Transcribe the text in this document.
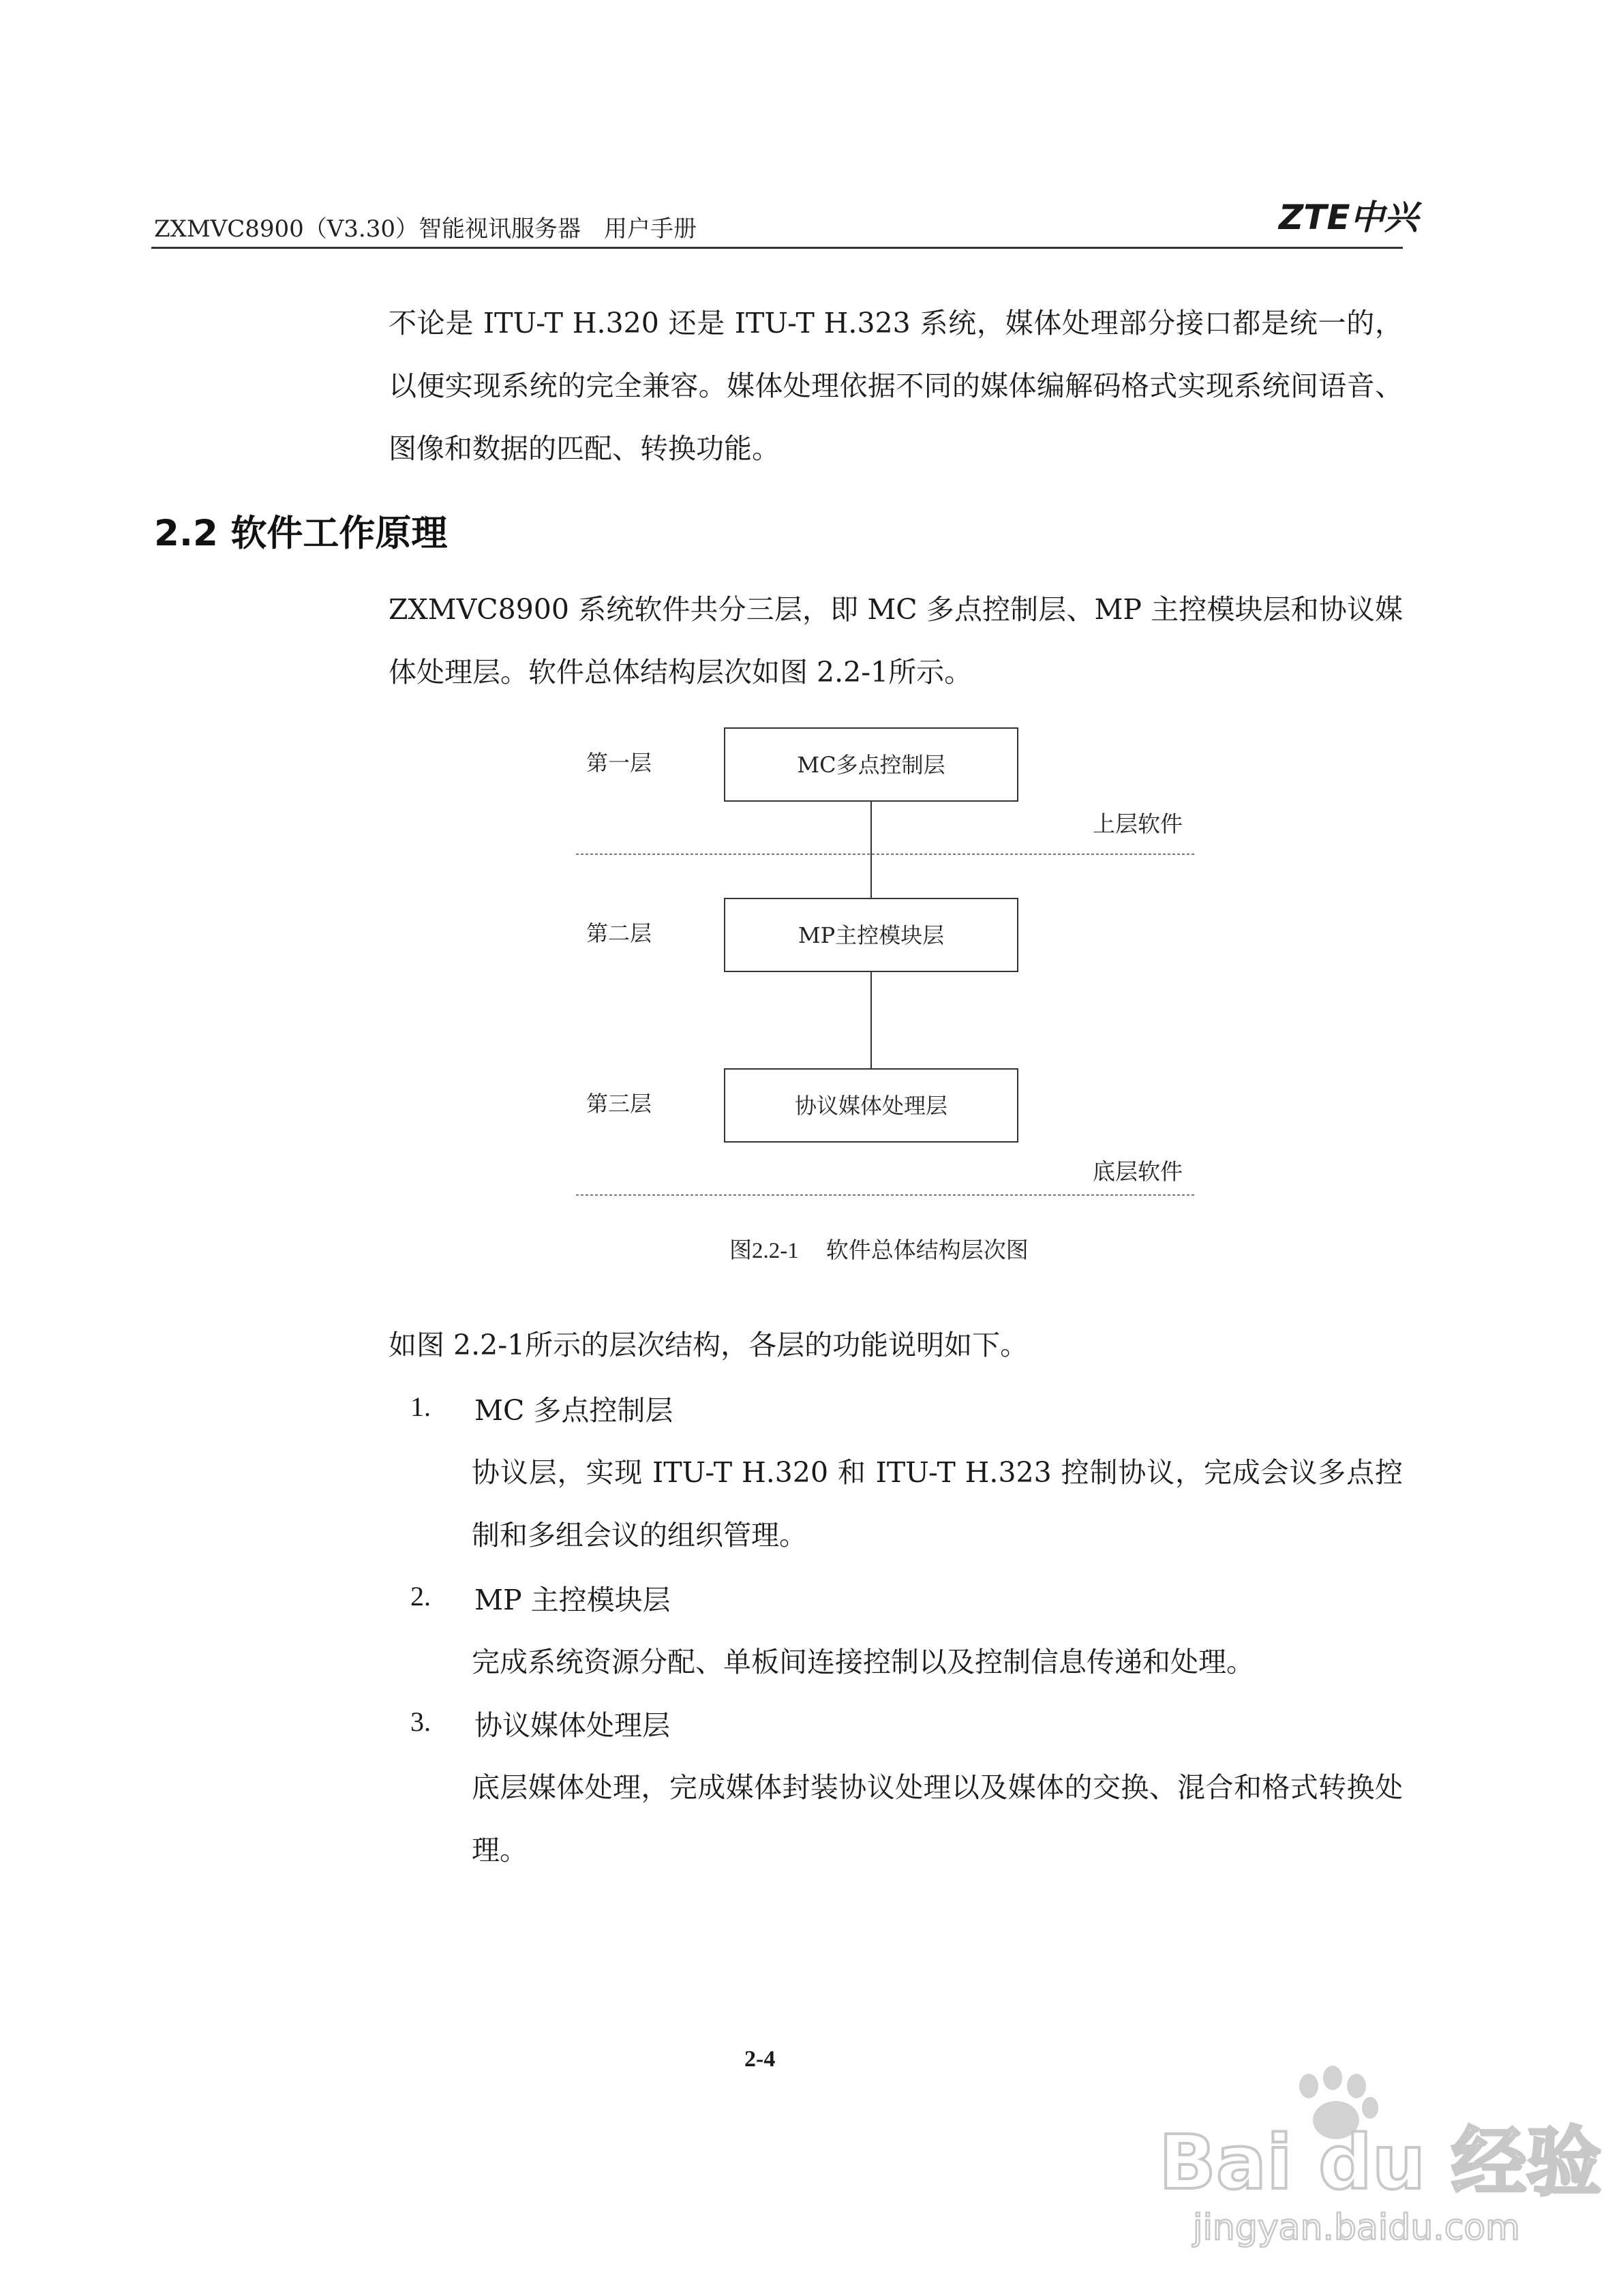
ZXMVC8900（V3.30）智能视讯服务器　用户手册	ZTE中兴
不论是 ITU-T H.320 还是 ITU-T H.323 系统，媒体处理部分接口都是统一的，以便实现系统的完全兼容。媒体处理依据不同的媒体编解码格式实现系统间语音、图像和数据的匹配、转换功能。
2.2 软件工作原理
ZXMVC8900 系统软件共分三层，即 MC 多点控制层、MP 主控模块层和协议媒体处理层。软件总体结构层次如图 2.2-1所示。
MC多点控制层
MP主控模块层
协议媒体处理层
第一层
第二层
第三层
上层软件
底层软件
图2.2-1 软件总体结构层次图
如图 2.2-1所示的层次结构，各层的功能说明如下。
1. MC 多点控制层
协议层，实现 ITU-T H.320 和 ITU-T H.323 控制协议，完成会议多点控制和多组会议的组织管理。
2. MP 主控模块层
完成系统资源分配、单板间连接控制以及控制信息传递和处理。
3. 协议媒体处理层
底层媒体处理，完成媒体封装协议处理以及媒体的交换、混合和格式转换处理。
2-4
Bai du 经验
jingyan.baidu.com
